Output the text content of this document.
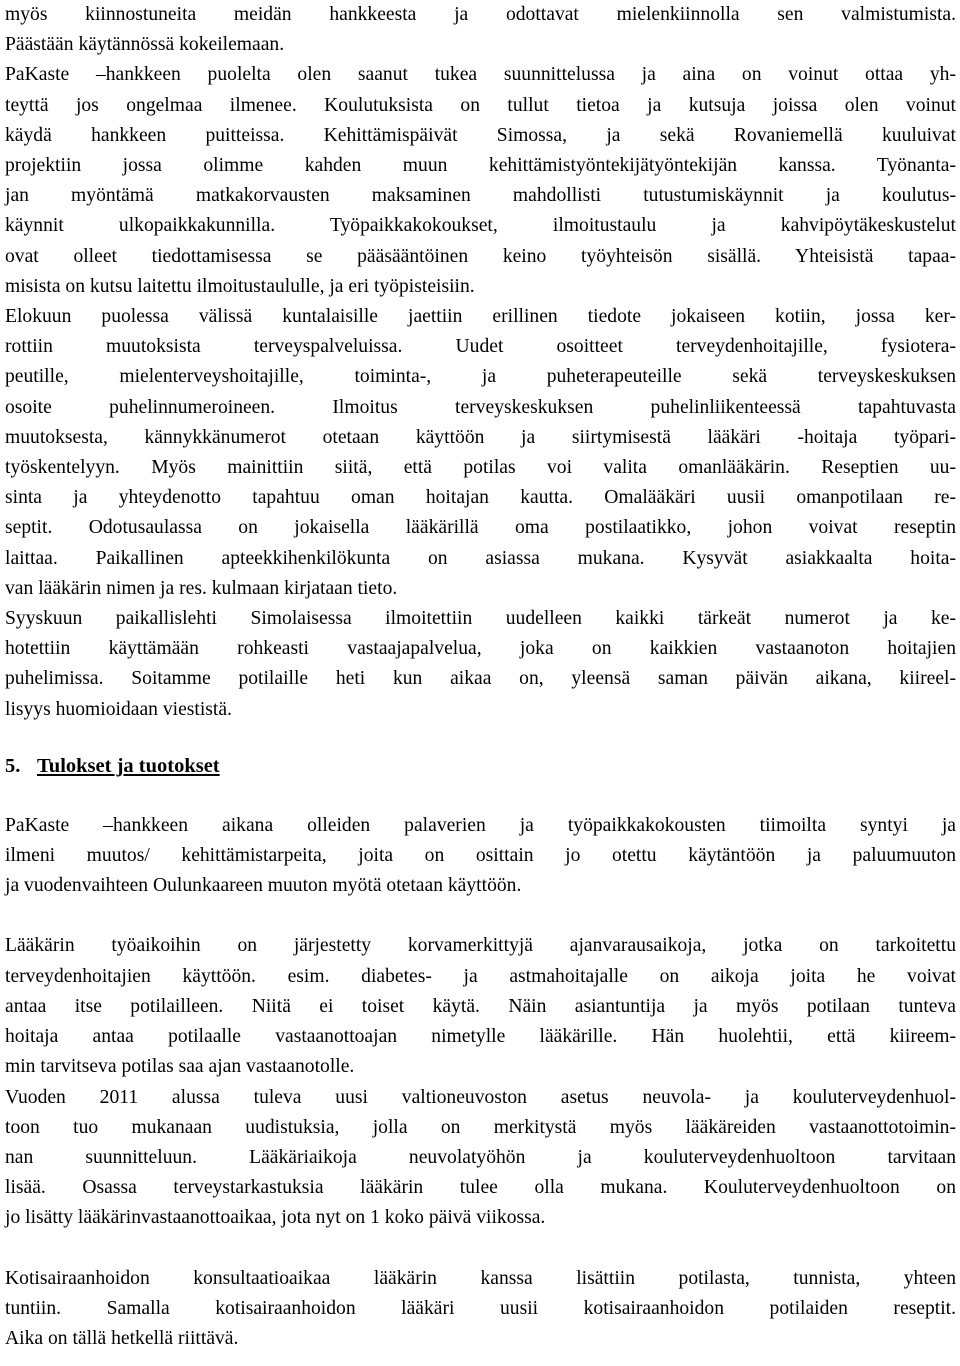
myös kiinnostuneita meidän hankkeesta ja odottavat mielenkiinnolla sen valmistumista.
Päästään käytännössä kokeilemaan.

PaKaste –hankkeen puolelta olen saanut tukea suunnittelussa ja aina on voinut ottaa yh-
teyttä jos ongelmaa ilmenee. Koulutuksista on tullut tietoa ja kutsuja joissa olen voinut
käydä hankkeen puitteissa. Kehittämispäivät Simossa, ja sekä Rovaniemellä kuuluivat
projektiin jossa olimme kahden muun kehittämistyöntekijätyöntekijän kanssa. Työnanta-
jan myöntämä matkakorvausten maksaminen mahdollisti tutustumiskäynnit ja koulutus-
käynnit ulkopaikkakunnilla. Työpaikkakokoukset, ilmoitustaulu ja kahvipöytäkeskustelut
ovat olleet tiedottamisessa se pääsääntöinen keino työyhteisön sisällä. Yhteisistä tapaa-
misista on kutsu laitettu ilmoitustaululle, ja eri työpisteisiin.

Elokuun puolessa välissä kuntalaisille jaettiin erillinen tiedote jokaiseen kotiin, jossa ker-
rottiin muutoksista terveyspalveluissa. Uudet osoitteet terveydenhoitajille, fysiotera-
peutille, mielenterveyshoitajille, toiminta-, ja puheterapeuteille sekä terveyskeskuksen
osoite puhelinnumeroineen. Ilmoitus terveyskeskuksen puhelinliikenteessä tapahtuvasta
muutoksesta, kännykkänumerot otetaan käyttöön ja siirtymisestä lääkäri -hoitaja työpari-
työskentelyyn. Myös mainittiin siitä, että potilas voi valita omanlääkärin. Reseptien uu-
sinta ja yhteydenotto tapahtuu oman hoitajan kautta. Omalääkäri uusii omanpotilaan re-
septit. Odotusaulassa on jokaisella lääkärillä oma postilaatikko, johon voivat reseptin
laittaa. Paikallinen apteekkihenkilökunta on asiassa mukana. Kysyvät asiakkaalta hoita-
van lääkärin nimen ja res. kulmaan kirjataan tieto.

Syyskuun paikallislehti Simolaisessa ilmoitettiin uudelleen kaikki tärkeät numerot ja ke-
hotettiin käyttämään rohkeasti vastaajapalvelua, joka on kaikkien vastaanoton hoitajien
puhelimissa. Soitamme potilaille heti kun aikaa on, yleensä saman päivän aikana, kiireel-
lisyys huomioidaan viestistä.

5. Tulokset ja tuotokset

PaKaste –hankkeen aikana olleiden palaverien ja työpaikkakokousten tiimoilta syntyi ja
ilmeni muutos/ kehittämistarpeita, joita on osittain jo otettu käytäntöön ja paluumuuton
ja vuodenvaihteen Oulunkaareen muuton myötä otetaan käyttöön.

Lääkärin työaikoihin on järjestetty korvamerkittyjä ajanvarausaikoja, jotka on tarkoitettu
terveydenhoitajien käyttöön. esim. diabetes- ja astmahoitajalle on aikoja joita he voivat
antaa itse potilailleen. Niitä ei toiset käytä. Näin asiantuntija ja myös potilaan tunteva
hoitaja antaa potilaalle vastaanottoajan nimetylle lääkärille. Hän huolehtii, että kiireem-
min tarvitseva potilas saa ajan vastaanotolle.

Vuoden 2011 alussa tuleva uusi valtioneuvoston asetus neuvola- ja kouluterveydenhuol-
toon tuo mukanaan uudistuksia, jolla on merkitystä myös lääkäreiden vastaanottotoimin-
nan suunnitteluun. Lääkäriaikoja neuvolatyöhön ja kouluterveydenhuoltoon tarvitaan
lisää. Osassa terveystarkastuksia lääkärin tulee olla mukana. Kouluterveydenhuoltoon on
jo lisätty lääkärinvastaanottoaikaa, jota nyt on 1 koko päivä viikossa.

Kotisairaanhoidon konsultaatioaikaa lääkärin kanssa lisättiin potilasta, tunnista, yhteen
tuntiin. Samalla kotisairaanhoidon lääkäri uusii kotisairaanhoidon potilaiden reseptit.
Aika on tällä hetkellä riittävä.
